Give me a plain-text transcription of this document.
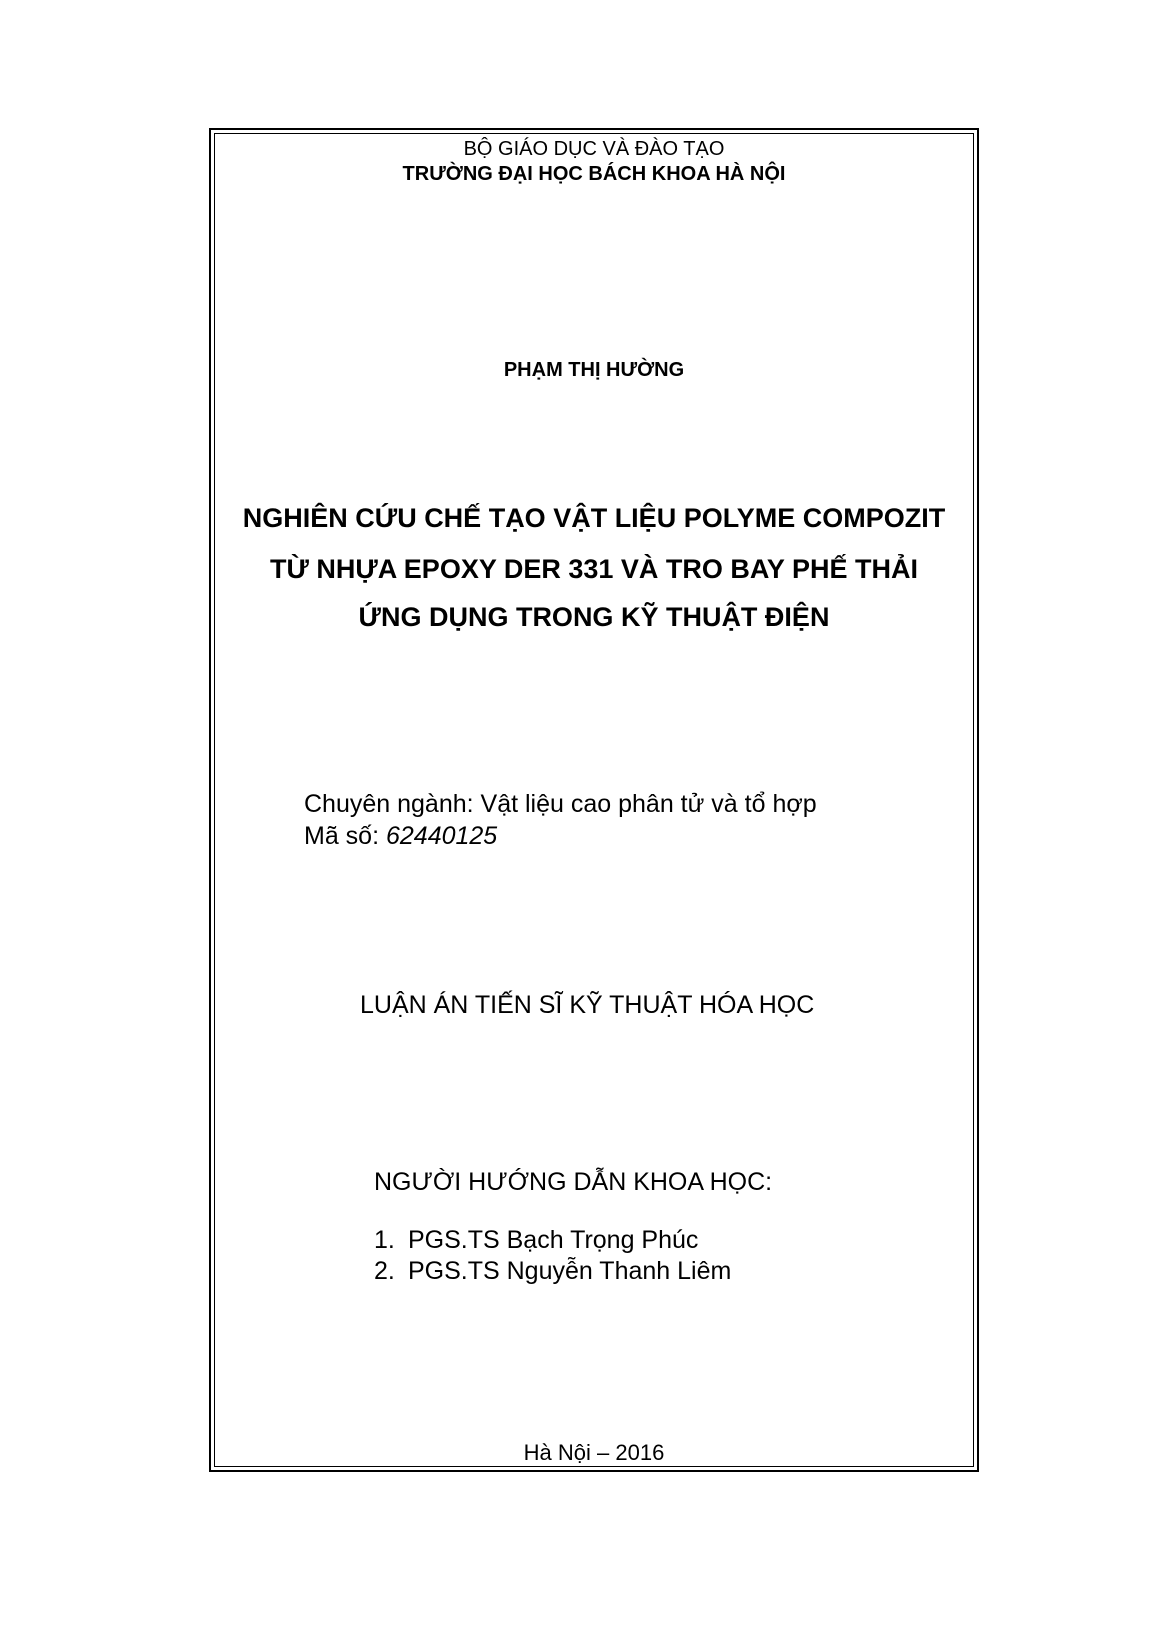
BỘ GIÁO DỤC VÀ ĐÀO TẠO
TRƯỜNG ĐẠI HỌC BÁCH KHOA HÀ NỘI
PHẠM THỊ HƯỜNG
NGHIÊN CỨU CHẾ TẠO VẬT LIỆU POLYME COMPOZIT
TỪ NHỰA EPOXY DER 331 VÀ TRO BAY PHẾ THẢI
ỨNG DỤNG TRONG KỸ THUẬT ĐIỆN
Chuyên ngành: Vật liệu cao phân tử và tổ hợp
Mã số: 62440125
LUẬN ÁN TIẾN SĨ KỸ THUẬT HÓA HỌC
NGƯỜI HƯỚNG DẪN KHOA HỌC:
1. PGS.TS Bạch Trọng Phúc
2. PGS.TS Nguyễn Thanh Liêm
Hà Nội – 2016
